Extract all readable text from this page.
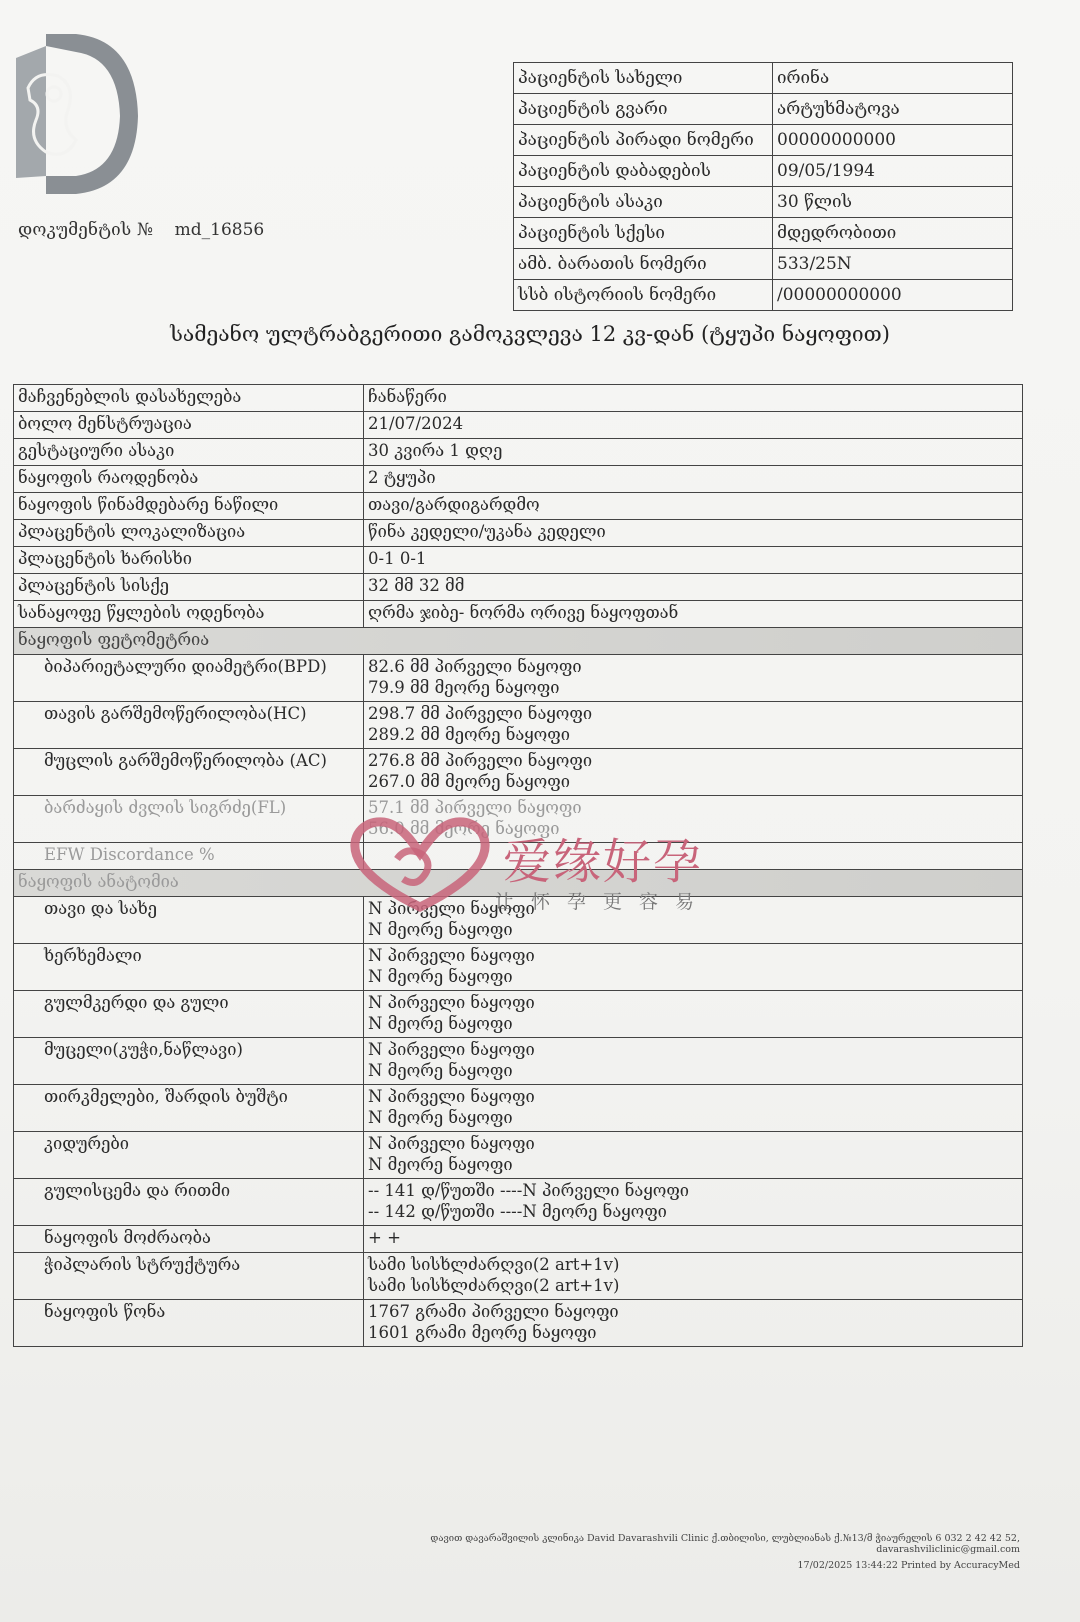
დოკუმენტის № md_16856
პაციენტის სახელი	ირინა
პაციენტის გვარი	არტუხმატოვა
პაციენტის პირადი ნომერი	00000000000
პაციენტის დაბადების	09/05/1994
პაციენტის ასაკი	30 წლის
პაციენტის სქესი	მდედრობითი
ამბ. ბარათის ნომერი	533/25N
სსბ ისტორიის ნომერი	/00000000000
სამეანო ულტრაბგერითი გამოკვლევა 12 კვ-დან (ტყუპი ნაყოფით)
მაჩვენებლის დასახელება	ჩანაწერი

ბოლო მენსტრუაცია	21/07/2024

გესტაციური ასაკი	30 კვირა 1 დღე

ნაყოფის რაოდენობა	2 ტყუპი

ნაყოფის წინამდებარე ნაწილი	თავი/გარდიგარდმო

პლაცენტის ლოკალიზაცია	წინა კედელი/უკანა კედელი

პლაცენტის ხარისხი	0-1 0-1

პლაცენტის სისქე	32 მმ 32 მმ

სანაყოფე წყლების ოდენობა	ღრმა ჯიბე- ნორმა ორივე ნაყოფთან

ნაყოფის ფეტომეტრია	
ბიპარიეტალური დიამეტრი(BPD)	82.6 მმ პირველი ნაყოფი
79.9 მმ მეორე ნაყოფი

თავის გარშემოწერილობა(HC)	298.7 მმ პირველი ნაყოფი
289.2 მმ მეორე ნაყოფი

მუცლის გარშემოწერილობა (AC)	276.8 მმ პირველი ნაყოფი
267.0 მმ მეორე ნაყოფი

ბარძაყის ძვლის სიგრძე(FL)	57.1 მმ პირველი ნაყოფი
56.0 მმ მეორე ნაყოფი

EFW Discordance %	

ნაყოფის ანატომია	
თავი და სახე	N პირველი ნაყოფი
N მეორე ნაყოფი

ხერხემალი	N პირველი ნაყოფი
N მეორე ნაყოფი

გულმკერდი და გული	N პირველი ნაყოფი
N მეორე ნაყოფი

მუცელი(კუჭი,ნაწლავი)	N პირველი ნაყოფი
N მეორე ნაყოფი

თირკმელები, შარდის ბუშტი	N პირველი ნაყოფი
N მეორე ნაყოფი

კიდურები	N პირველი ნაყოფი
N მეორე ნაყოფი

გულისცემა და რითმი	-- 141 დ/წუთში ----N პირველი ნაყოფი
-- 142 დ/წუთში ----N მეორე ნაყოფი

ნაყოფის მოძრაობა	+ +

ჭიპლარის სტრუქტურა	სამი სისხლძარღვი(2 art+1v)
სამი სისხლძარღვი(2 art+1v)

ნაყოფის წონა	1767 გრამი პირველი ნაყოფი
1601 გრამი მეორე ნაყოფი
爱缘好孕
让怀孕更容易
დავით დავარაშვილის კლინიკა David Davarashvili Clinic ქ.თბილისი, ლუბლიანას ქ.№13/მ ჭიაურელის 6 032 2 42 42 52, davarashviliclinic@gmail.com
17/02/2025 13:44:22 Printed by AccuracyMed
